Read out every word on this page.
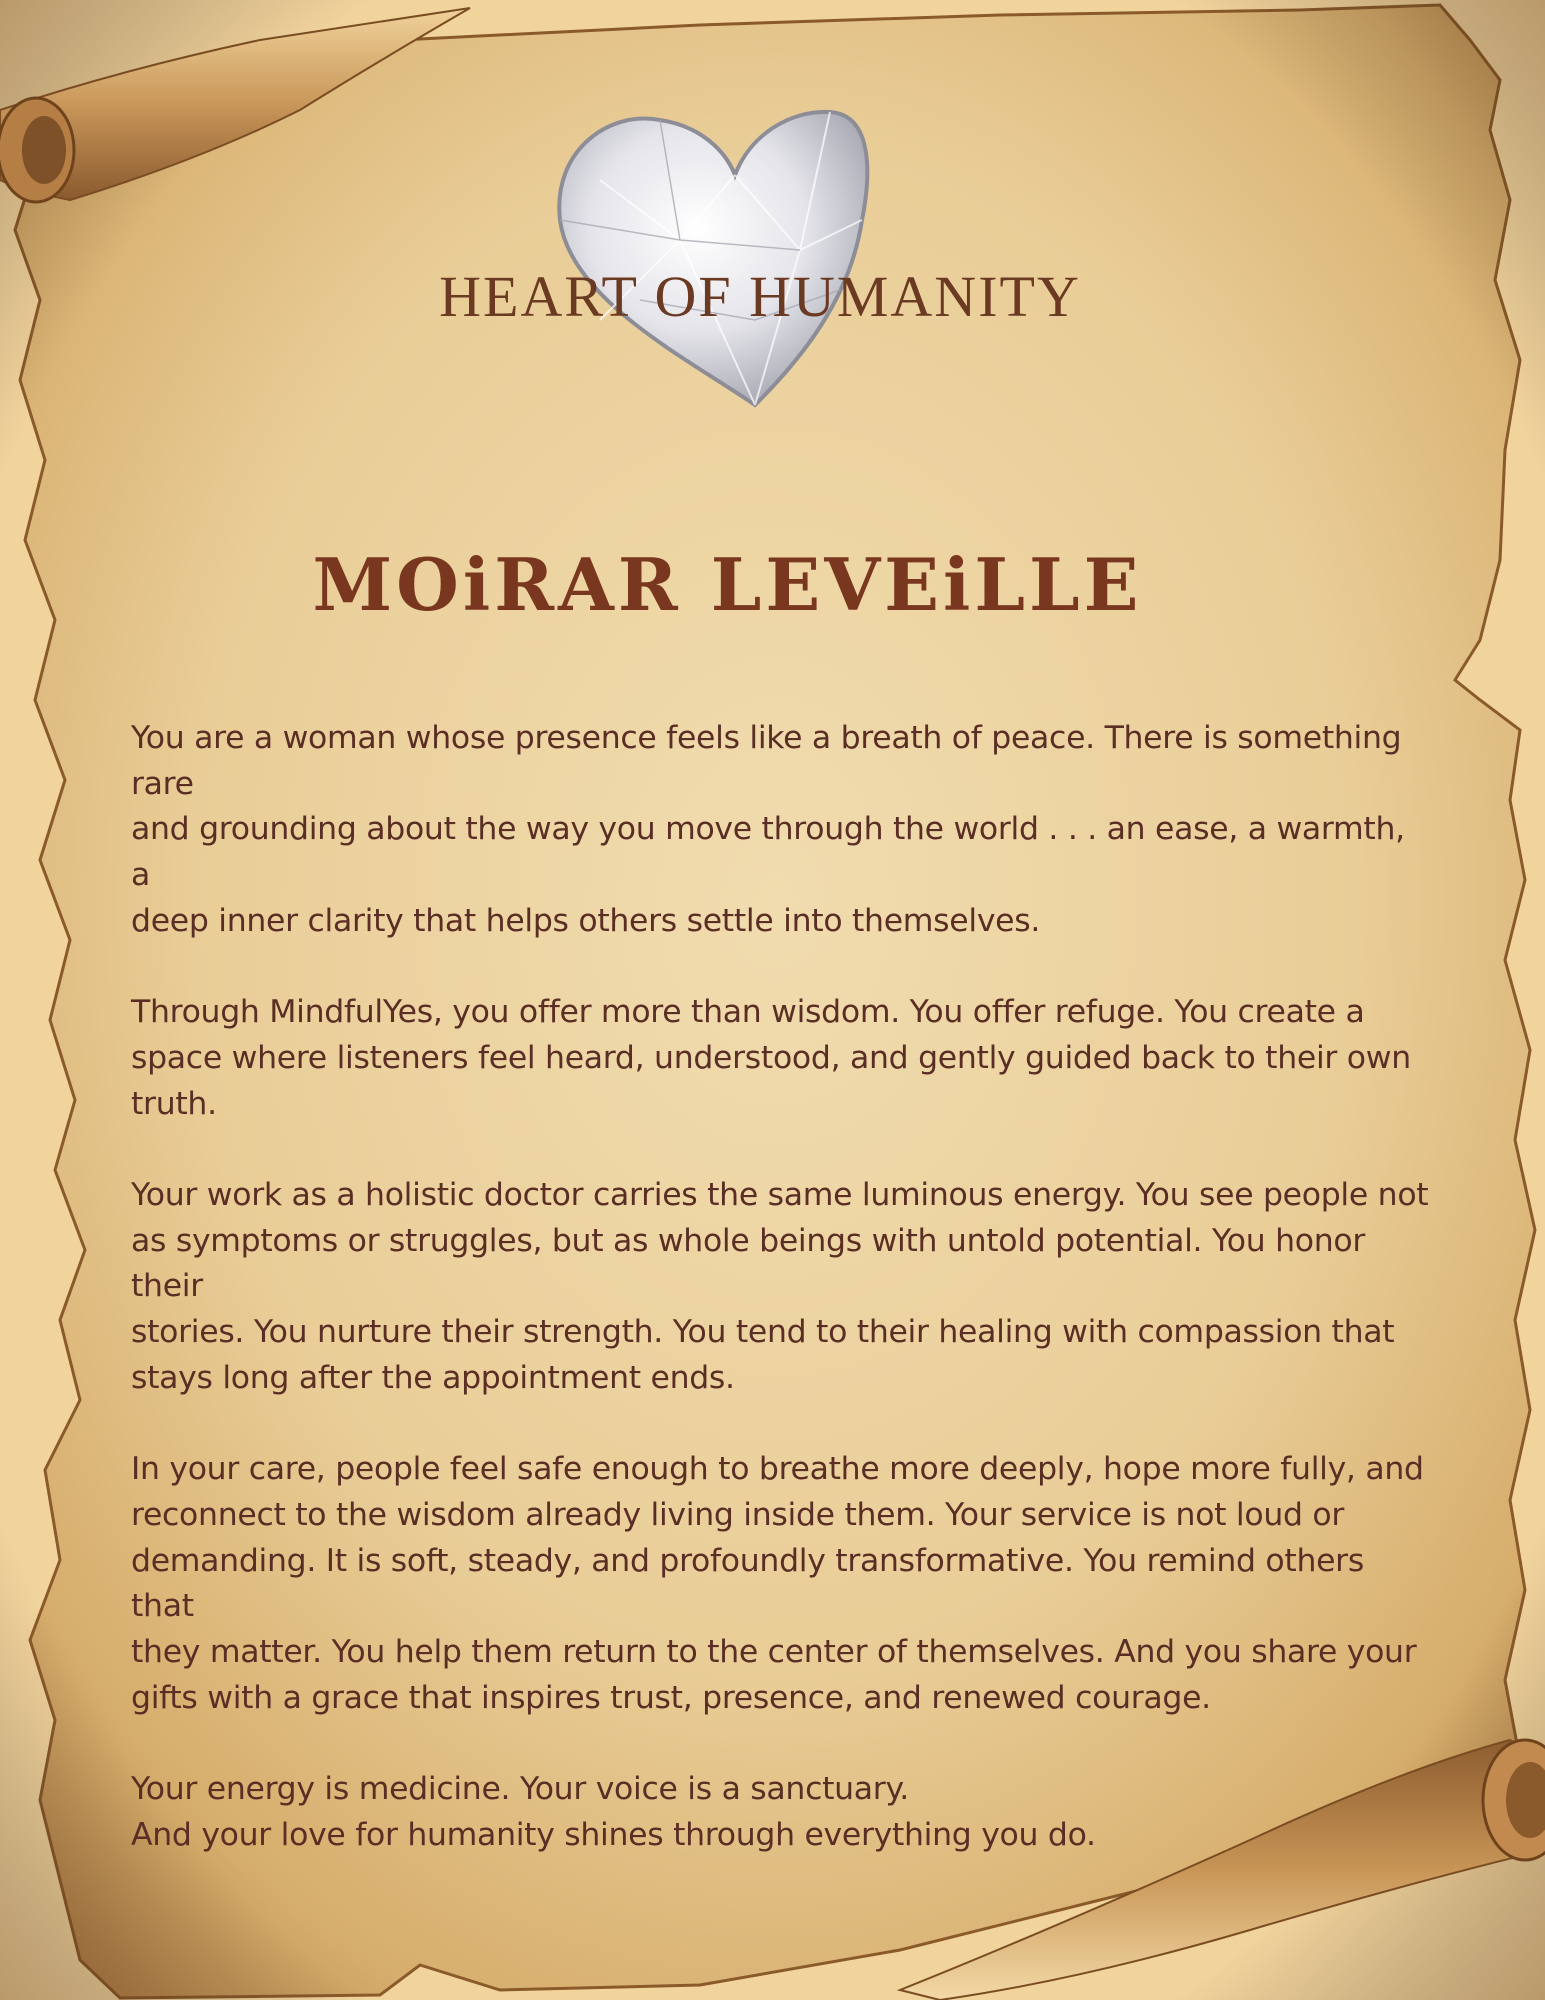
HEART OF HUMANITY
MOiRAR LEVEiLLE

You are a woman whose presence feels like a breath of peace. There is something rare
and grounding about the way you move through the world . . . an ease, a warmth, a
deep inner clarity that helps others settle into themselves.

Through MindfulYes, you offer more than wisdom. You offer refuge. You create a
space where listeners feel heard, understood, and gently guided back to their own
truth.

Your work as a holistic doctor carries the same luminous energy. You see people not
as symptoms or struggles, but as whole beings with untold potential. You honor their
stories. You nurture their strength. You tend to their healing with compassion that
stays long after the appointment ends.

In your care, people feel safe enough to breathe more deeply, hope more fully, and
reconnect to the wisdom already living inside them. Your service is not loud or
demanding. It is soft, steady, and profoundly transformative. You remind others that
they matter. You help them return to the center of themselves. And you share your
gifts with a grace that inspires trust, presence, and renewed courage.

Your energy is medicine. Your voice is a sanctuary.
And your love for humanity shines through everything you do.
